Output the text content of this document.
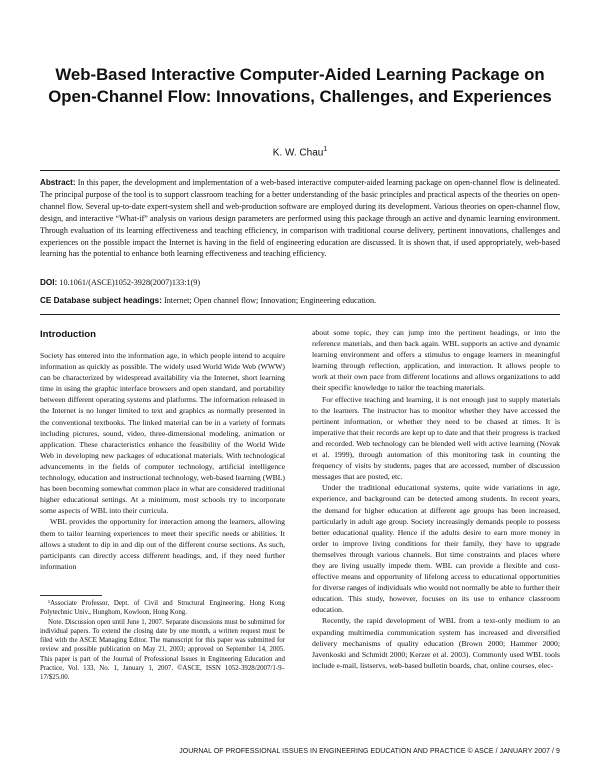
Web-Based Interactive Computer-Aided Learning Package on Open-Channel Flow: Innovations, Challenges, and Experiences
K. W. Chau$^1$
Abstract: In this paper, the development and implementation of a web-based interactive computer-aided learning package on open-channel flow is delineated. The principal purpose of the tool is to support classroom teaching for a better understanding of the basic principles and practical aspects of the theories on open-channel flow. Several up-to-date expert-system shell and web-production software are employed during its development. Various theories on open-channel flow, design, and interactive “What-if” analysis on various design parameters are performed using this package through an active and dynamic learning environment. Through evaluation of its learning effectiveness and teaching efficiency, in comparison with traditional course delivery, pertinent innovations, challenges and experiences on the possible impact the Internet is having in the field of engineering education are discussed. It is shown that, if used appropriately, web-based learning has the potential to enhance both learning effectiveness and teaching efficiency.
DOI: 10.1061/(ASCE)1052-3928(2007)133:1(9)
CE Database subject headings: Internet; Open channel flow; Innovation; Engineering education.
Introduction

Society has entered into the information age, in which people intend to acquire information as quickly as possible. The widely used World Wide Web (WWW) can be characterized by widespread availability via the Internet, short learning time in using the graphic interface browsers and open standard, and portability between different operating systems and platforms. The information released in the Internet is no longer limited to text and graphics as normally presented in the conventional textbooks. The linked material can be in a variety of formats including pictures, sound, video, three-dimensional modeling, animation or application. These characteristics enhance the feasibility of the World Wide Web in developing new packages of educational materials. With technological advancements in the fields of computer technology, artificial intelligence technology, education and instructional technology, web-based learning (WBL) has been becoming somewhat common place in what are considered traditional higher educational settings. At a minimum, most schools try to incorporate some aspects of WBL into their curricula.

WBL provides the opportunity for interaction among the learners, allowing them to tailor learning experiences to meet their specific needs or abilities. It allows a student to dip in and dip out of the different course sections. As such, participants can directly access different headings, and, if they need further information

¹Associate Professor, Dept. of Civil and Structural Engineering, Hong Kong Polytechnic Univ., Hunghom, Kowloon, Hong Kong.

Note. Discussion open until June 1, 2007. Separate discussions must be submitted for individual papers. To extend the closing date by one month, a written request must be filed with the ASCE Managing Editor. The manuscript for this paper was submitted for review and possible publication on May 21, 2003; approved on September 14, 2005. This paper is part of the Journal of Professional Issues in Engineering Education and Practice, Vol. 133, No. 1, January 1, 2007. ©ASCE, ISSN 1052-3928/2007/1-9–17/$25.00.

about some topic, they can jump into the pertinent headings, or into the reference materials, and then back again. WBL supports an active and dynamic learning environment and offers a stimulus to engage learners in meaningful learning through reflection, application, and interaction. It allows people to work at their own pace from different locations and allows organizations to add their specific knowledge to tailor the teaching materials.

For effective teaching and learning, it is not enough just to supply materials to the learners. The instructor has to monitor whether they have accessed the pertinent information, or whether they need to be chased at times. It is imperative that their records are kept up to date and that their progress is tracked and recorded. Web technology can be blended well with active learning (Novak et al. 1999), through automation of this monitoring task in counting the frequency of visits by students, pages that are accessed, number of discussion messages that are posted, etc.

Under the traditional educational systems, quite wide variations in age, experience, and background can be detected among students. In recent years, the demand for higher education at different age groups has been increased, particularly in adult age group. Society increasingly demands people to possess better educational quality. Hence if the adults desire to earn more money in order to improve living conditions for their family, they have to upgrade themselves through various channels. But time constraints and places where they are living usually impede them. WBL can provide a flexible and cost-effective means and opportunity of lifelong access to educational opportunities for diverse ranges of individuals who would not normally be able to further their education. This study, however, focuses on its use to enhance classroom education.

Recently, the rapid development of WBL from a text-only medium to an expanding multimedia communication system has increased and diversified delivery mechanisms of quality education (Brown 2000; Hammer 2000; Javenkoski and Schmidt 2000; Kerzer et al. 2003). Commonly used WBL tools include e-mail, listservs, web-based bulletin boards, chat, online courses, elec-

JOURNAL OF PROFESSIONAL ISSUES IN ENGINEERING EDUCATION AND PRACTICE © ASCE / JANUARY 2007 / 9
